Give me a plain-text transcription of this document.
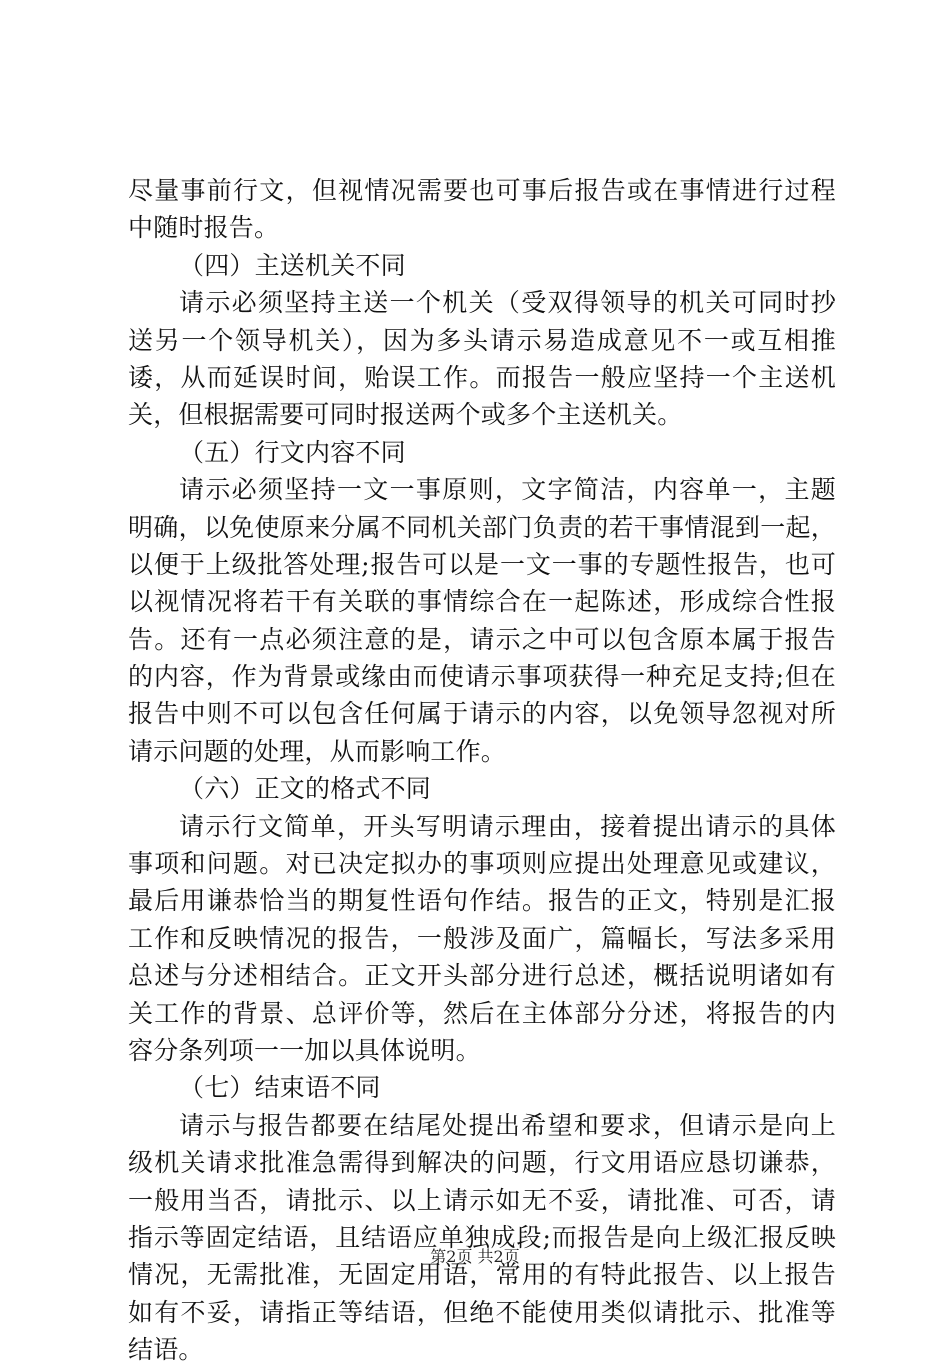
尽量事前行文，但视情况需要也可事后报告或在事情进行过程
中随时报告。
（四）主送机关不同
请示必须坚持主送一个机关（受双得领导的机关可同时抄
送另一个领导机关），因为多头请示易造成意见不一或互相推
诿，从而延误时间，贻误工作。而报告一般应坚持一个主送机
关，但根据需要可同时报送两个或多个主送机关。
（五）行文内容不同
请示必须坚持一文一事原则，文字简洁，内容单一，主题
明确，以免使原来分属不同机关部门负责的若干事情混到一起，
以便于上级批答处理;报告可以是一文一事的专题性报告，也可
以视情况将若干有关联的事情综合在一起陈述，形成综合性报
告。还有一点必须注意的是，请示之中可以包含原本属于报告
的内容，作为背景或缘由而使请示事项获得一种充足支持;但在
报告中则不可以包含任何属于请示的内容，以免领导忽视对所
请示问题的处理，从而影响工作。
（六）正文的格式不同
请示行文简单，开头写明请示理由，接着提出请示的具体
事项和问题。对已决定拟办的事项则应提出处理意见或建议，
最后用谦恭恰当的期复性语句作结。报告的正文，特别是汇报
工作和反映情况的报告，一般涉及面广，篇幅长，写法多采用
总述与分述相结合。正文开头部分进行总述，概括说明诸如有
关工作的背景、总评价等，然后在主体部分分述，将报告的内
容分条列项一一加以具体说明。
（七）结束语不同
请示与报告都要在结尾处提出希望和要求，但请示是向上
级机关请求批准急需得到解决的问题，行文用语应恳切谦恭，
一般用当否，请批示、以上请示如无不妥，请批准、可否，请
指示等固定结语，且结语应单独成段;而报告是向上级汇报反映
情况，无需批准，无固定用语，常用的有特此报告、以上报告
如有不妥，请指正等结语，但绝不能使用类似请批示、批准等
结语。
第2页 共2页
